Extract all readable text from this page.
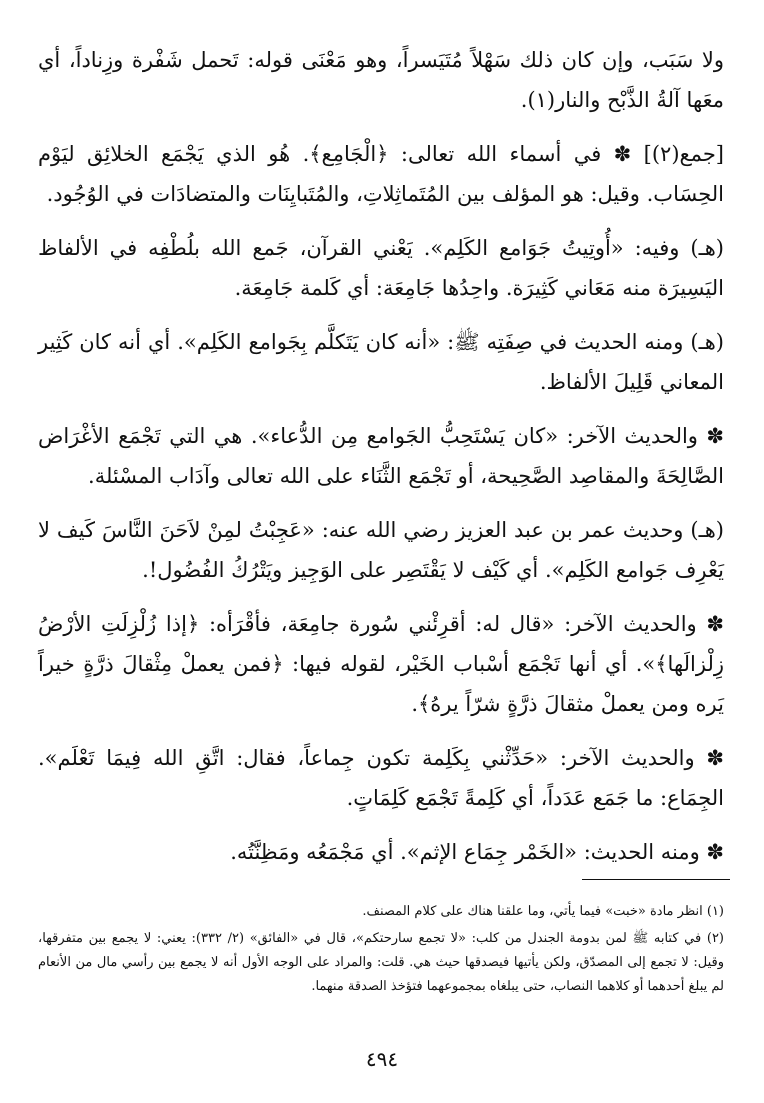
ولا سَبَب، وإن كان ذلك سَهْلاً مُتَيَسراً، وهو مَعْنَى قوله: تَحمل شَفْرة وزِناداً، أي معَها آلةُ الذَّبْح والنار(١).

[جمع(٢)] ✽ في أسماء الله تعالى: ﴿الْجَامِع﴾. هُو الذي يَجْمَع الخلائِق ليَوْم الحِسَاب. وقيل: هو المؤلف بين المُتَماثِلاتِ، والمُتَبايِنَات والمتضادَات في الوُجُود.

(هـ) وفيه: «أُوتِيتُ جَوَامع الكَلِم». يَعْني القرآن، جَمع الله بلُطْفِه في الألفاظ اليَسِيرَة منه مَعَاني كَثِيرَة. واحِدُها جَامِعَة: أي كَلمة جَامِعَة.

(هـ) ومنه الحديث في صِفَتِه ﷺ: «أنه كان يَتَكلَّم بِجَوامع الكَلِم». أي أنه كان كَثِير المعاني قَلِيلَ الألفاظ.

✽ والحديث الآخر: «كان يَسْتَحِبُّ الجَوامع مِن الدُّعاء». هي التي تَجْمَع الأغْرَاض الصَّالِحَةَ والمقاصِد الصَّحِيحة، أو تَجْمَع الثَّنَاء على الله تعالى وآدَاب المسْئلة.

(هـ) وحديث عمر بن عبد العزيز رضي الله عنه: «عَجِبْتُ لمِنْ لاَحَنَ النَّاسَ كَيف لا يَعْرِف جَوامع الكَلِم». أي كَيْف لا يَقْتَصِر على الوَجِيز ويَتْرُكُ الفُضُول!.

✽ والحديث الآخر: «قال له: أقرِئْني سُورة جامِعَة، فأقْرَأه: ﴿إذا زُلْزِلَتِ الأرْضُ زِلْزالَها﴾». أي أنها تَجْمَع أسْباب الخَيْر، لقوله فيها: ﴿فمن يعملْ مِثْقالَ ذرَّةٍ خيراً يَره ومن يعملْ مثقالَ ذرَّةٍ شرّاً يرهُ﴾.

✽ والحديث الآخر: «حَدِّثْني بِكَلِمة تكون جِماعاً، فقال: اتَّقِ الله فِيمَا تَعْلَم». الجِمَاع: ما جَمَع عَدَداً، أي كَلِمةً تَجْمَع كَلِمَاتٍ.

✽ ومنه الحديث: «الخَمْر جِمَاع الإثم». أي مَجْمَعُه ومَظِنَّتُه.

(١) انظر مادة «خبت» فيما يأتي، وما علقنا هناك على كلام المصنف.

(٢) في كتابه ﷺ لمن بدومة الجندل من كلب: «لا تجمع سارحتكم»، قال في «الفائق» (٢/ ٣٣٢): يعني: لا يجمع بين متفرقها، وقيل: لا تجمع إلى المصدّق، ولكن يأتيها فيصدقها حيث هي. قلت: والمراد على الوجه الأول أنه لا يجمع بين رأسي مال من الأنعام لم يبلغ أحدهما أو كلاهما النصاب، حتى يبلغاه بمجموعهما فتؤخذ الصدقة منهما.

٤٩٤
